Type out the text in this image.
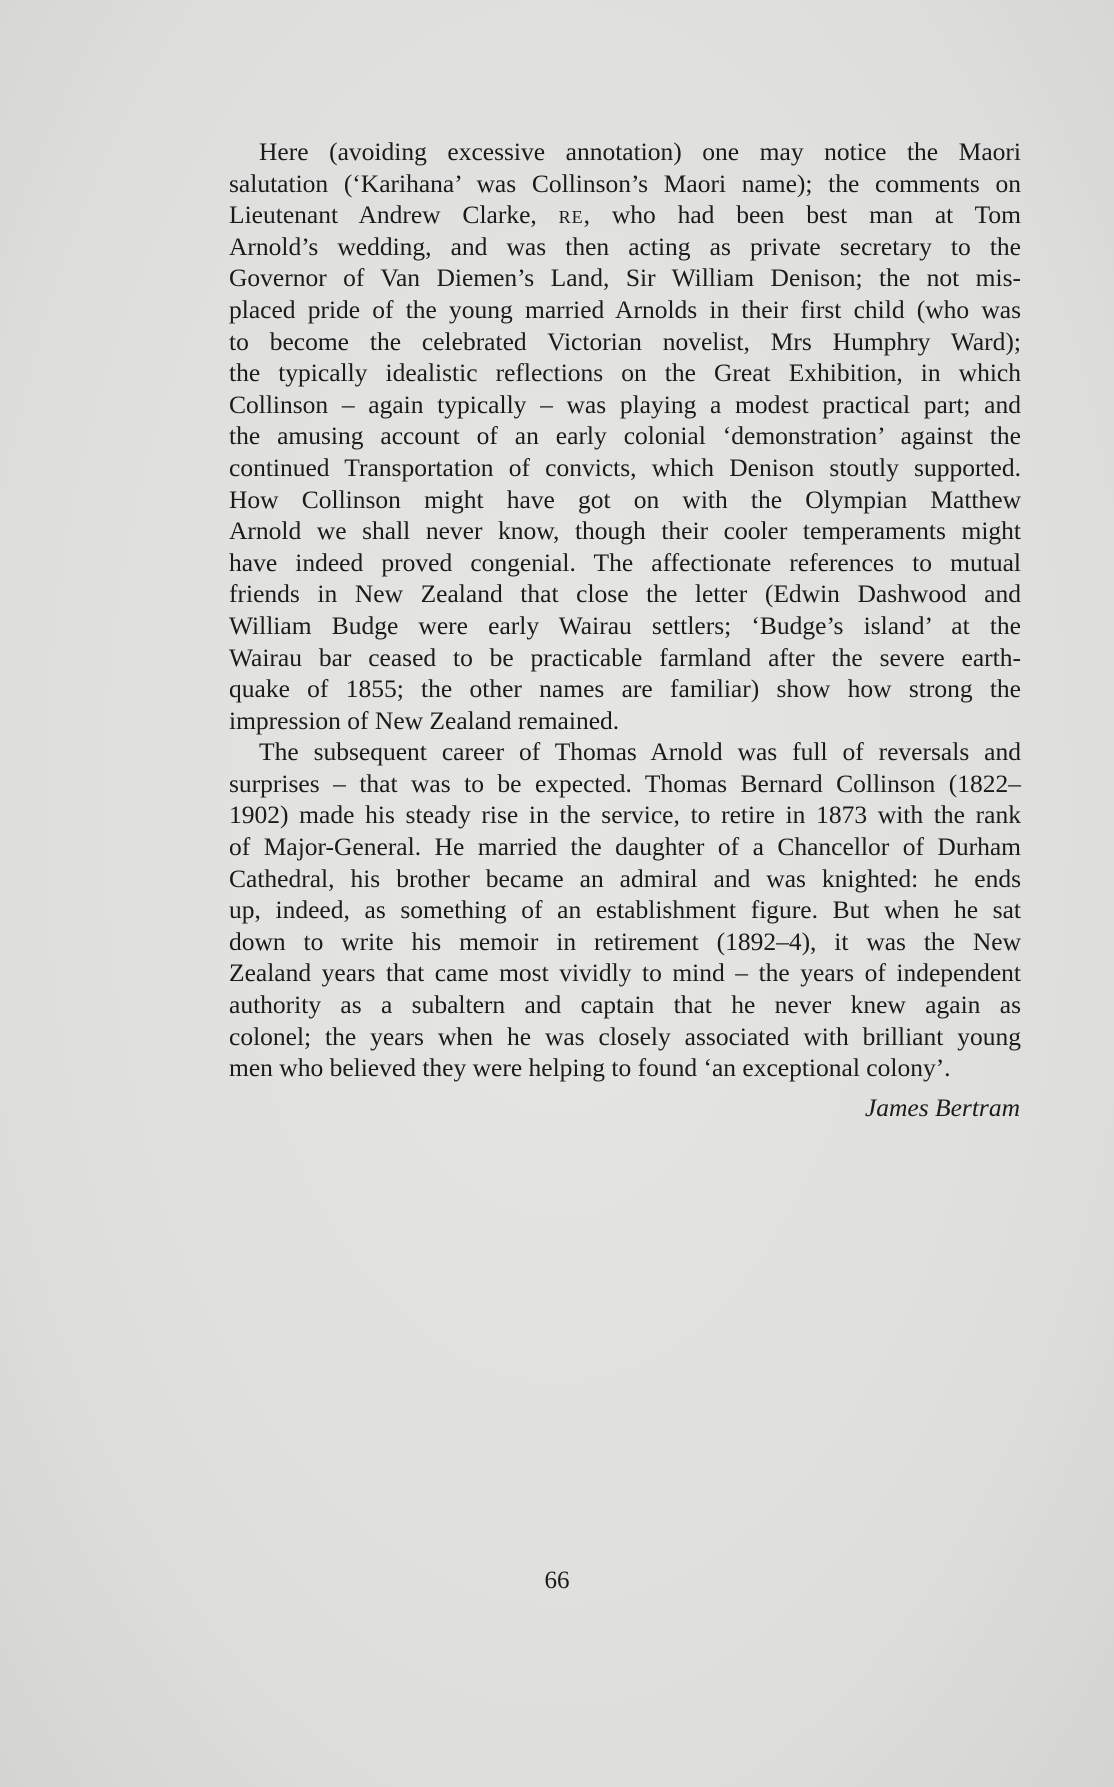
Here (avoiding excessive annotation) one may notice the Maori
salutation (‘Karihana’ was Collinson’s Maori name); the comments on
Lieutenant Andrew Clarke, re, who had been best man at Tom
Arnold’s wedding, and was then acting as private secretary to the
Governor of Van Diemen’s Land, Sir William Denison; the not mis-
placed pride of the young married Arnolds in their first child (who was
to become the celebrated Victorian novelist, Mrs Humphry Ward);
the typically idealistic reflections on the Great Exhibition, in which
Collinson – again typically – was playing a modest practical part; and
the amusing account of an early colonial ‘demonstration’ against the
continued Transportation of convicts, which Denison stoutly supported.
How Collinson might have got on with the Olympian Matthew
Arnold we shall never know, though their cooler temperaments might
have indeed proved congenial. The affectionate references to mutual
friends in New Zealand that close the letter (Edwin Dashwood and
William Budge were early Wairau settlers; ‘Budge’s island’ at the
Wairau bar ceased to be practicable farmland after the severe earth-
quake of 1855; the other names are familiar) show how strong the
impression of New Zealand remained.
The subsequent career of Thomas Arnold was full of reversals and
surprises – that was to be expected. Thomas Bernard Collinson (1822–
1902) made his steady rise in the service, to retire in 1873 with the rank
of Major-General. He married the daughter of a Chancellor of Durham
Cathedral, his brother became an admiral and was knighted: he ends
up, indeed, as something of an establishment figure. But when he sat
down to write his memoir in retirement (1892–4), it was the New
Zealand years that came most vividly to mind – the years of independent
authority as a subaltern and captain that he never knew again as
colonel; the years when he was closely associated with brilliant young
men who believed they were helping to found ‘an exceptional colony’.
James Bertram
66
